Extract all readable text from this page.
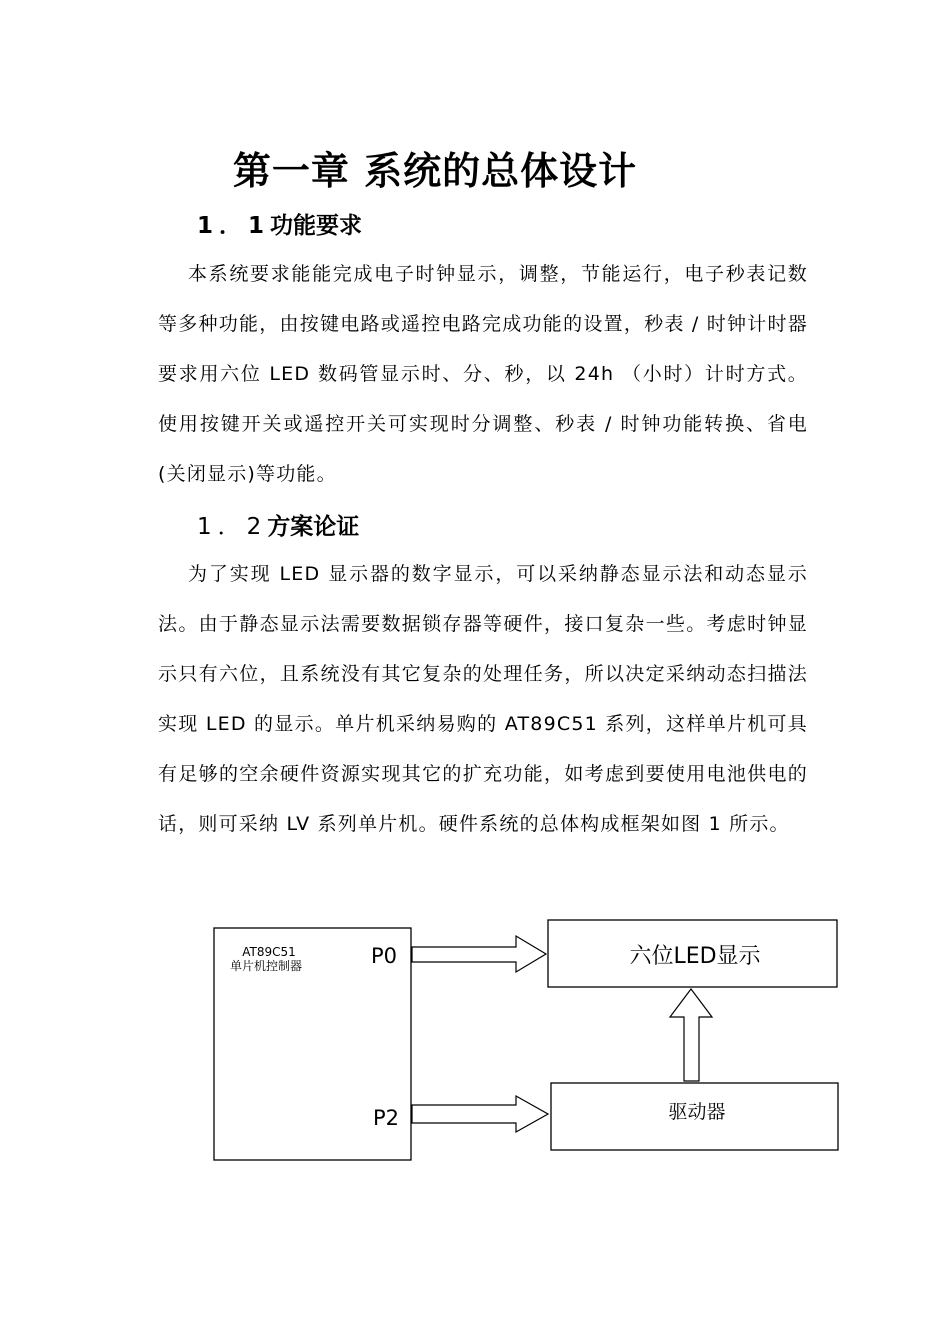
第一章 系统的总体设计
1．1功能要求

本系统要求能能完成电子时钟显示，调整，节能运行，电子秒表记数等多种功能，由按键电路或遥控电路完成功能的设置，秒表 / 时钟计时器要求用六位 LED 数码管显示时、分、秒，以 24h （小时）计时方式。使用按键开关或遥控开关可实现时分调整、秒表 / 时钟功能转换、省电(关闭显示)等功能。

1．2方案论证

为了实现 LED 显示器的数字显示，可以采纳静态显示法和动态显示法。由于静态显示法需要数据锁存器等硬件，接口复杂一些。考虑时钟显示只有六位，且系统没有其它复杂的处理任务，所以决定采纳动态扫描法实现 LED 的显示。单片机采纳易购的 AT89C51 系列，这样单片机可具有足够的空余硬件资源实现其它的扩充功能，如考虑到要使用电池供电的话，则可采纳 LV 系列单片机。硬件系统的总体构成框架如图 1 所示。

AT89C51
单片机控制器	P0
P2
六位LED显示
驱动器
